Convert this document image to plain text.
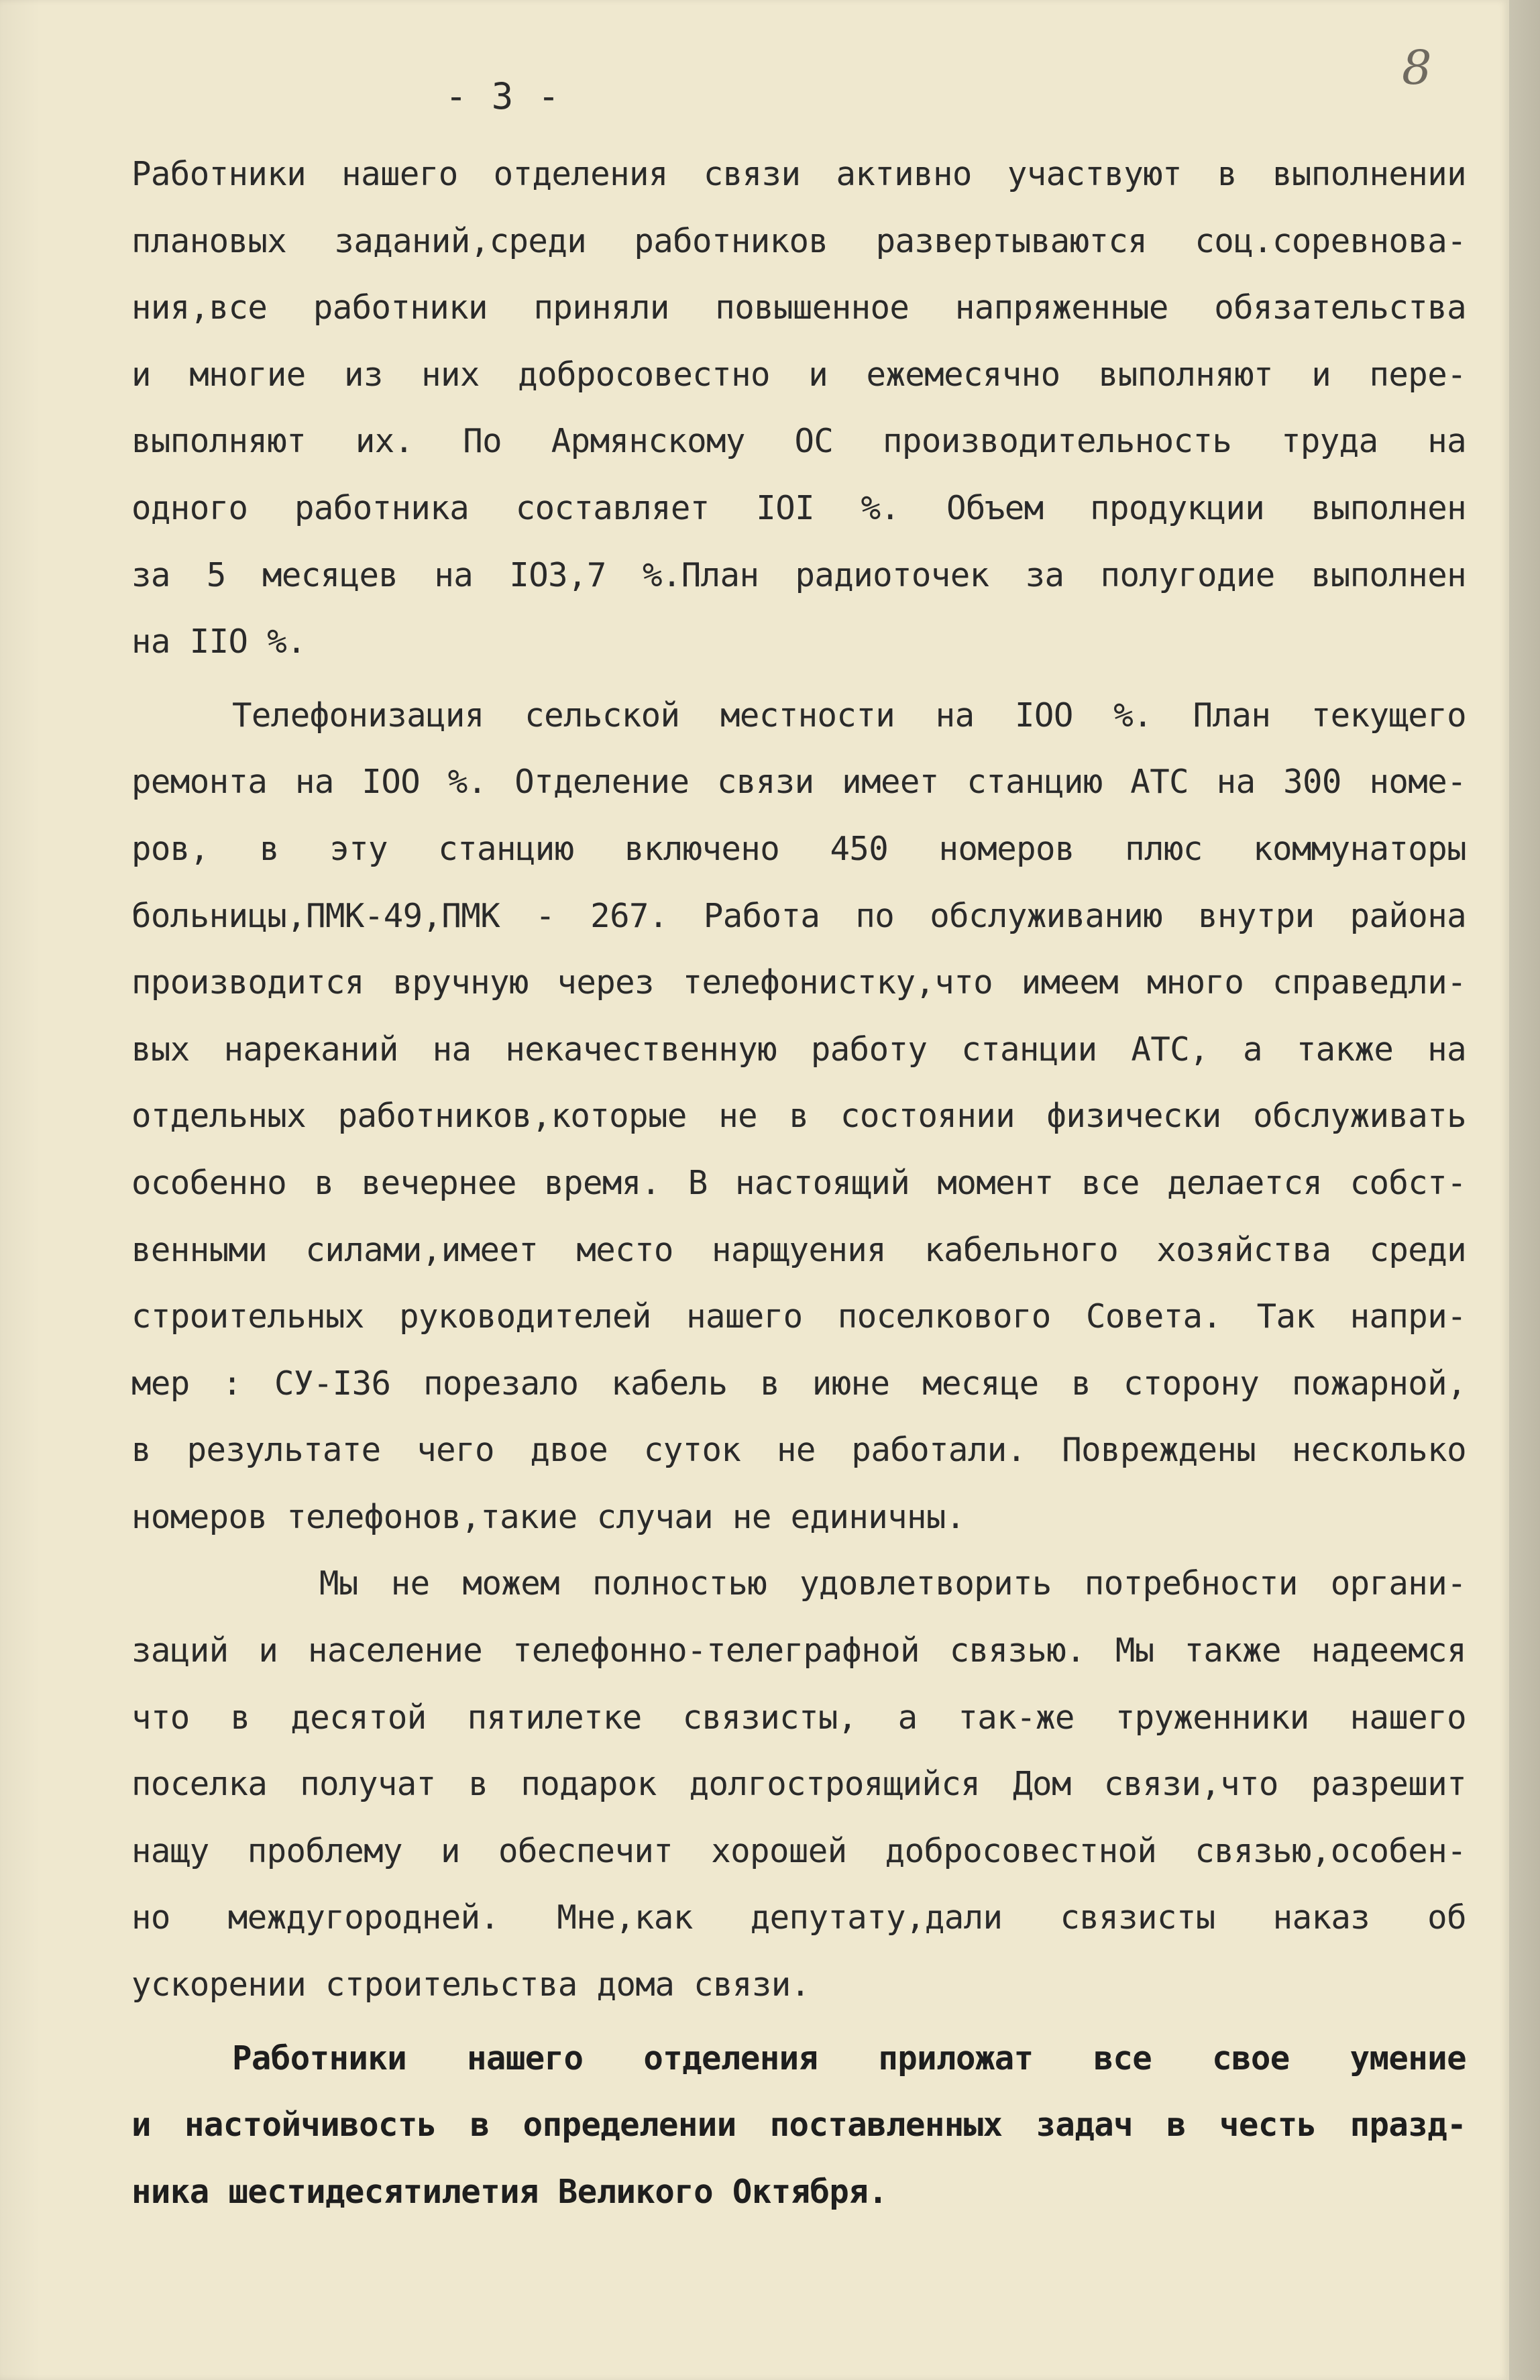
- 3 -
8
Работники нашего отделения связи активно участвуют в выполнении
плановых заданий,среди работников развертываются соц.соревнова-
ния,все работники приняли повышенное напряженные обязательства
и многие из них добросовестно и ежемесячно выполняют и пере-
выполняют их. По Армянскому ОС производительность труда на
одного работника составляет IOI %. Объем продукции выполнен
за 5 месяцев на IO3,7 %.План радиоточек за полугодие выполнен
на IIO %.
Телефонизация сельской местности на IOO %. План текущего
ремонта на IOO %. Отделение связи имеет станцию АТС на 300 номе-
ров, в эту станцию включено 450 номеров плюс коммунаторы
больницы,ПМК-49,ПМК - 267. Работа по обслуживанию внутри района
производится вручную через телефонистку,что имеем много справедли-
вых нареканий на некачественную работу станции АТС, а также на
отдельных работников,которые не в состоянии физически обслуживать
особенно в вечернее время. В настоящий момент все делается собст-
венными силами,имеет место нарщуения кабельного хозяйства среди
строительных руководителей нашего поселкового Совета. Так напри-
мер : СУ-I36 порезало кабель в июне месяце в сторону пожарной,
в результате чего двое суток не работали. Повреждены несколько
номеров телефонов,такие случаи не единичны.
Мы не можем полностью удовлетворить потребности органи-
заций и население телефонно-телеграфной связью. Мы также надеемся
что в десятой пятилетке связисты, а так-же труженники нашего
поселка получат в подарок долгостроящийся Дом связи,что разрешит
нащу проблему и обеспечит хорошей добросовестной связью,особен-
но междугородней. Мне,как депутату,дали связисты наказ об
ускорении строительства дома связи.
Работники нашего отделения приложат все свое умение
и настойчивость в определении поставленных задач в честь празд-
ника шестидесятилетия Великого Октября.
